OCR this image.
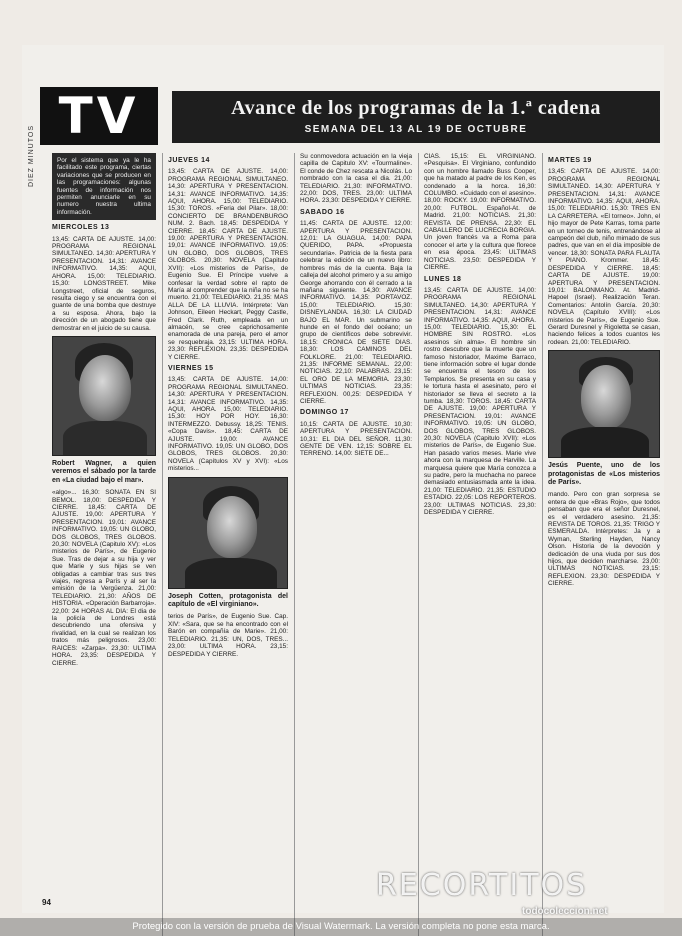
DIEZ MINUTOS
TV	Avance de los programas de la 1.ª cadena
SEMANA DEL 13 AL 19 DE OCTUBRE
Por el sistema que ya le ha facilitado este programa, ciertas variaciones que se producen en las programaciones: algunas fuentes de información nos permiten anunciarle en su numero nuestra ultima información.
MIERCOLES 13

13,45: CARTA DE AJUSTE. 14,00: PROGRAMA REGIONAL SIMULTANEO. 14,30: APERTURA Y PRESENTACION. 14,31: AVANCE INFORMATIVO. 14,35: AQUI, AHORA. 15,00: TELEDIARIO. 15,30: LONGSTREET. Mike Longstreet, oficial de seguros, resulta ciego y se encuentra con el guante de una bomba que destruye a su esposa. Ahora, bajo la dirección de un abogado tiene que demostrar en el juicio de su causa.

Robert Wagner, a quien veremos el sábado por la tarde en «La ciudad bajo el mar».

«algo»... 16,30: SONATA EN SI BEMOL. 18,00: DESPEDIDA Y CIERRE. 18,45: CARTA DE AJUSTE. 19,00: APERTURA Y PRESENTACION. 19,01: AVANCE INFORMATIVO. 19,05: UN GLOBO, DOS GLOBOS, TRES GLOBOS. 20,30: NOVELA (Capitulo XV): «Los misterios de París», de Eugenio Sue. Tras de dejar a su hija y ver que Marie y sus hijas se ven obligadas a cambiar tras sus tres viajes, regresa a París y al ser la emisión de la Vergüenza. 21,00: TELEDIARIO. 21,30: AÑOS DE HISTORIA. «Operación Barbarroja». 22,00: 24 HORAS AL DIA: El dia de la policía de Londres está descubriendo una ofensiva y rivalidad, en la cual se realizan los tratos más peligrosos. 23,00: RAICES: «Zarpa». 23,30: ULTIMA HORA. 23,35: DESPEDIDA Y CIERRE.

JUEVES 14

13,45: CARTA DE AJUSTE. 14,00: PROGRAMA REGIONAL SIMULTANEO. 14,30: APERTURA Y PRESENTACION. 14,31: AVANCE INFORMATIVO. 14,35: AQUI, AHORA. 15,00: TELEDIARIO. 15,30: TOROS. «Feria del Pilar». 18,00: CONCIERTO DE BRANDENBURGO NUM. 2. Bach. 18,45: DESPEDIDA Y CIERRE. 18,45: CARTA DE AJUSTE. 19,00: APERTURA Y PRESENTACION. 19,01: AVANCE INFORMATIVO. 19,05: UN GLOBO, DOS GLOBOS, TRES GLOBOS. 20,30: NOVELA (Capitulo XVII): «Los misterios de París», de Eugenio Sue. El Príncipe vuelve a confesar la verdad sobre el rapto de María al comprender que la niña no se ha muerto. 21,00: TELEDIARIO. 21,35: MAS ALLA DE LA LLUVIA. Intérprete: Van Johnson, Eileen Heckart, Peggy Castle, Fred Clark. Ruth, empleada en un almacén, se cree caprichosamente enamorada de una pareja, pero el amor se resquebraja. 23,15: ULTIMA HORA. 23,30: REFLEXION. 23,35: DESPEDIDA Y CIERRE.

VIERNES 15

13,45: CARTA DE AJUSTE. 14,00: PROGRAMA REGIONAL SIMULTANEO. 14,30: APERTURA Y PRESENTACION. 14,31: AVANCE INFORMATIVO. 14,35: AQUI, AHORA. 15,00: TELEDIARIO. 15,30: HOY POR HOY. 16,30: INTERMEZZO. Debussy. 18,25: TENIS. «Copa Davis». 18,45: CARTA DE AJUSTE. 19,00: AVANCE INFORMATIVO. 19,05: UN GLOBO, DOS GLOBOS, TRES GLOBOS. 20,30: NOVELA (Capítulos XV y XVI): «Los misterios...

Joseph Cotten, protagonista del capítulo de «El virginiano».

terios de París», de Eugenio Sue. Cap. XIV: «Sara, que se ha encontrado con el Barón en compañía de Marie». 21,00: TELEDIARIO. 21,35: UN, DOS, TRES... 23,00: ULTIMA HORA. 23,15: DESPEDIDA Y CIERRE.

Su conmovedora actuación en la vieja capilla de Capitulo XV: «Tourmaline». El conde de Chez rescata a Nicolás. Lo nombrado con la casa el dia. 21,00: TELEDIARIO. 21,30: INFORMATIVO. 22,00: DOS, TRES. 23,00: ULTIMA HORA. 23,30: DESPEDIDA Y CIERRE.

SABADO 16

11,45: CARTA DE AJUSTE. 12,00: APERTURA Y PRESENTACION. 12,01: LA GUAGUA. 14,00: PAPA QUERIDO, PAPA. «Propuesta secundaria». Patricia de la fiesta para celebrar la edición de un nuevo libro: hombres más de la cuenta. Baja la calleja del alcohol primero y a su amigo George ahorrando con él cerrado a la mañana siguiente. 14,30: AVANCE INFORMATIVO. 14,35: PORTAVOZ. 15,00: TELEDIARIO. 15,30: DISNEYLANDIA. 16,30: LA CIUDAD BAJO EL MAR. Un submarino se hunde en el fondo del océano; un grupo de científicos debe sobrevivir. 18,15: CRONICA DE SIETE DIAS. 18,30: LOS CAMINOS DEL FOLKLORE. 21,00: TELEDIARIO. 21,35: INFORME SEMANAL. 22,00: NOTICIAS. 22,10: PALABRAS. 23,15: EL ORO DE LA MEMORIA. 23,30: ULTIMAS NOTICIAS. 23,35: REFLEXION. 00,25: DESPEDIDA Y CIERRE.

DOMINGO 17

10,15: CARTA DE AJUSTE. 10,30: APERTURA Y PRESENTACION. 10,31: EL DIA DEL SEÑOR. 11,30: GENTE DE VEN. 12,15: SOBRE EL TERRENO. 14,00: SIETE DE...

CIAS. 15,15: EL VIRGINIANO. «Pesquisa». El Virginiano, confundido con un hombre llamado Buss Cooper, que ha matado al padre de los Ken, es condenado a la horca. 16,30: COLUMBO. «Cuidado con el asesino». 18,00: ROCKY. 19,00: INFORMATIVO. 20,00: FUTBOL. Español-At. de Madrid. 21,00: NOTICIAS. 21,30: REVISTA DE PRENSA. 22,30: EL CABALLERO DE LUCRECIA BORGIA. Un joven francés va a Roma para conocer el arte y la cultura que florece en esa época. 23,45: ULTIMAS NOTICIAS. 23,50: DESPEDIDA Y CIERRE.

LUNES 18

13,45: CARTA DE AJUSTE. 14,00: PROGRAMA REGIONAL SIMULTANEO. 14,30: APERTURA Y PRESENTACION. 14,31: AVANCE INFORMATIVO. 14,35: AQUI, AHORA. 15,00: TELEDIARIO. 15,30: EL HOMBRE SIN ROSTRO. «Los asesinos sin alma». El hombre sin rostro descubre que la muerte que un famoso historiador, Maxime Barraco, tiene información sobre el lugar donde se encuentra el tesoro de los Templarios. Se presenta en su casa y le tortura hasta el asesinato, pero el historiador se lleva el secreto a la tumba. 18,30: TOROS. 18,45: CARTA DE AJUSTE. 19,00: APERTURA Y PRESENTACION. 19,01: AVANCE INFORMATIVO. 19,05: UN GLOBO, DOS GLOBOS, TRES GLOBOS. 20,30: NOVELA (Capitulo XVII): «Los misterios de París», de Eugenio Sue. Han pasado varios meses. Marie vive ahora con la marquesa de Harville. La marquesa quiere que María conozca a su padre, pero la muchacha no parece demasiado entusiasmada ante la idea. 21,00: TELEDIARIO. 21,35: ESTUDIO ESTADIO. 22,05: LOS REPORTEROS. 23,00: ULTIMAS NOTICIAS. 23,30: DESPEDIDA Y CIERRE.

MARTES 19

13,45: CARTA DE AJUSTE. 14,00: PROGRAMA REGIONAL SIMULTANEO. 14,30: APERTURA Y PRESENTACION. 14,31: AVANCE INFORMATIVO. 14,35: AQUI, AHORA. 15,00: TELEDIARIO. 15,30: TRES EN LA CARRETERA. «El torneo». John, el hijo mayor de Pete Karras, toma parte en un torneo de tenis, entrenándose al campeón del club, niño mimado de sus padres, que van en el día imposible de vencer. 18,30: SONATA PARA FLAUTA Y PIANO. Krommer. 18,45: DESPEDIDA Y CIERRE. 18,45: CARTA DE AJUSTE. 19,00: APERTURA Y PRESENTACION. 19,01: BALONMANO. At. Madrid-Hapoel (Israel). Realización Teran. Comentarios: Antolín García. 20,30: NOVELA (Capítulo XVIII): «Los misterios de París», de Eugenio Sue. Gerard Duresnel y Rigoletta se casan, haciendo felices a todos cuantos les rodean. 21,00: TELEDIARIO.

Jesús Puente, uno de los protagonistas de «Los misterios de París».

mando. Pero con gran sorpresa se entera de que «Bras Rojo», que todos pensaban que era el señor Duresnel, es el verdadero asesino. 21,35: REVISTA DE TOROS. 21,35: TRIGO Y ESMERALDA. Intérpretes: Ja y a Wyman, Sterling Hayden, Nancy Olson. Historia de la devoción y dedicación de una viuda por sus dos hijos, que deciden marcharse. 23,00: ULTIMAS NOTICIAS. 23,15: REFLEXION. 23,30: DESPEDIDA Y CIERRE.

94	RECORTITOS
todocoleccion.net
Protegido con la versión de prueba de Visual Watermark. La versión completa no pone esta marca.
